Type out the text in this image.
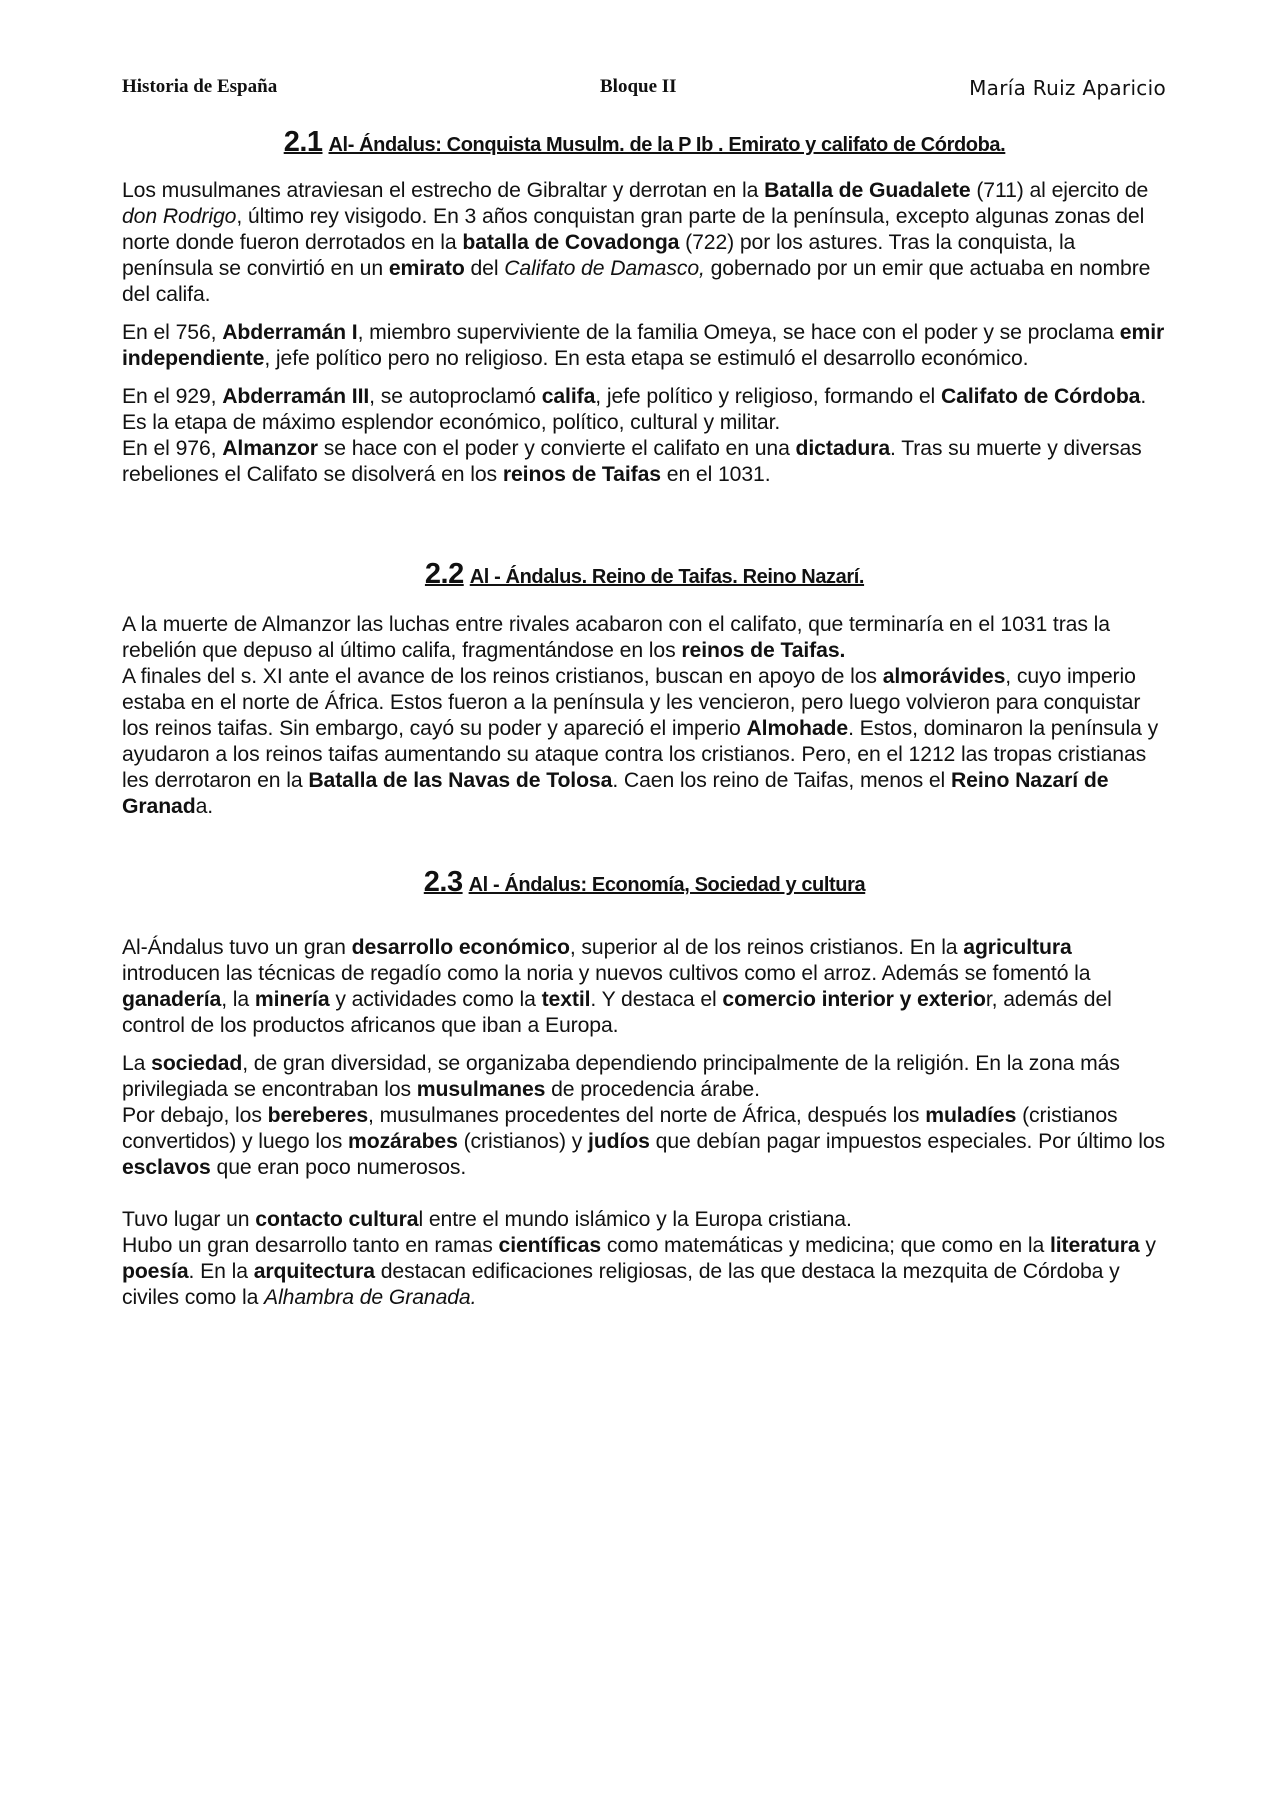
Historia de España	Bloque II	María Ruiz Aparicio
2.1 Al- Ándalus: Conquista Musulm. de la P Ib . Emirato y califato de Córdoba.

Los musulmanes atraviesan el estrecho de Gibraltar y derrotan en la Batalla de Guadalete (711) al ejercito de don Rodrigo, último rey visigodo. En 3 años conquistan gran parte de la península, excepto algunas zonas del norte donde fueron derrotados en la batalla de Covadonga (722) por los astures. Tras la conquista, la península se convirtió en un emirato del Califato de Damasco, gobernado por un emir que actuaba en nombre del califa.

En el 756, Abderramán I, miembro superviviente de la familia Omeya, se hace con el poder y se proclama emir independiente, jefe político pero no religioso. En esta etapa se estimuló el desarrollo económico.

En el 929, Abderramán III, se autoproclamó califa, jefe político y religioso, formando el Califato de Córdoba. Es la etapa de máximo esplendor económico, político, cultural y militar.

En el 976, Almanzor se hace con el poder y convierte el califato en una dictadura. Tras su muerte y diversas rebeliones el Califato se disolverá en los reinos de Taifas en el 1031.

2.2 Al - Ándalus. Reino de Taifas. Reino Nazarí.

A la muerte de Almanzor las luchas entre rivales acabaron con el califato, que terminaría en el 1031 tras la rebelión que depuso al último califa, fragmentándose en los reinos de Taifas.

A finales del s. XI ante el avance de los reinos cristianos, buscan en apoyo de los almorávides, cuyo imperio estaba en el norte de África. Estos fueron a la península y les vencieron, pero luego volvieron para conquistar los reinos taifas. Sin embargo, cayó su poder y apareció el imperio Almohade. Estos, dominaron la península y ayudaron a los reinos taifas aumentando su ataque contra los cristianos. Pero, en el 1212 las tropas cristianas les derrotaron en la Batalla de las Navas de Tolosa. Caen los reino de Taifas, menos el Reino Nazarí de Granada.

2.3 Al - Ándalus: Economía, Sociedad y cultura

Al-Ándalus tuvo un gran desarrollo económico, superior al de los reinos cristianos. En la agricultura introducen las técnicas de regadío como la noria y nuevos cultivos como el arroz. Además se fomentó la ganadería, la minería y actividades como la textil. Y destaca el comercio interior y exterior, además del control de los productos africanos que iban a Europa.

La sociedad, de gran diversidad, se organizaba dependiendo principalmente de la religión. En la zona más privilegiada se encontraban los musulmanes de procedencia árabe.

Por debajo, los bereberes, musulmanes procedentes del norte de África, después los muladíes (cristianos convertidos) y luego los mozárabes (cristianos) y judíos que debían pagar impuestos especiales. Por último los esclavos que eran poco numerosos.

Tuvo lugar un contacto cultural entre el mundo islámico y la Europa cristiana.

Hubo un gran desarrollo tanto en ramas científicas como matemáticas y medicina; que como en la literatura y poesía. En la arquitectura destacan edificaciones religiosas, de las que destaca la mezquita de Córdoba y civiles como la Alhambra de Granada.
